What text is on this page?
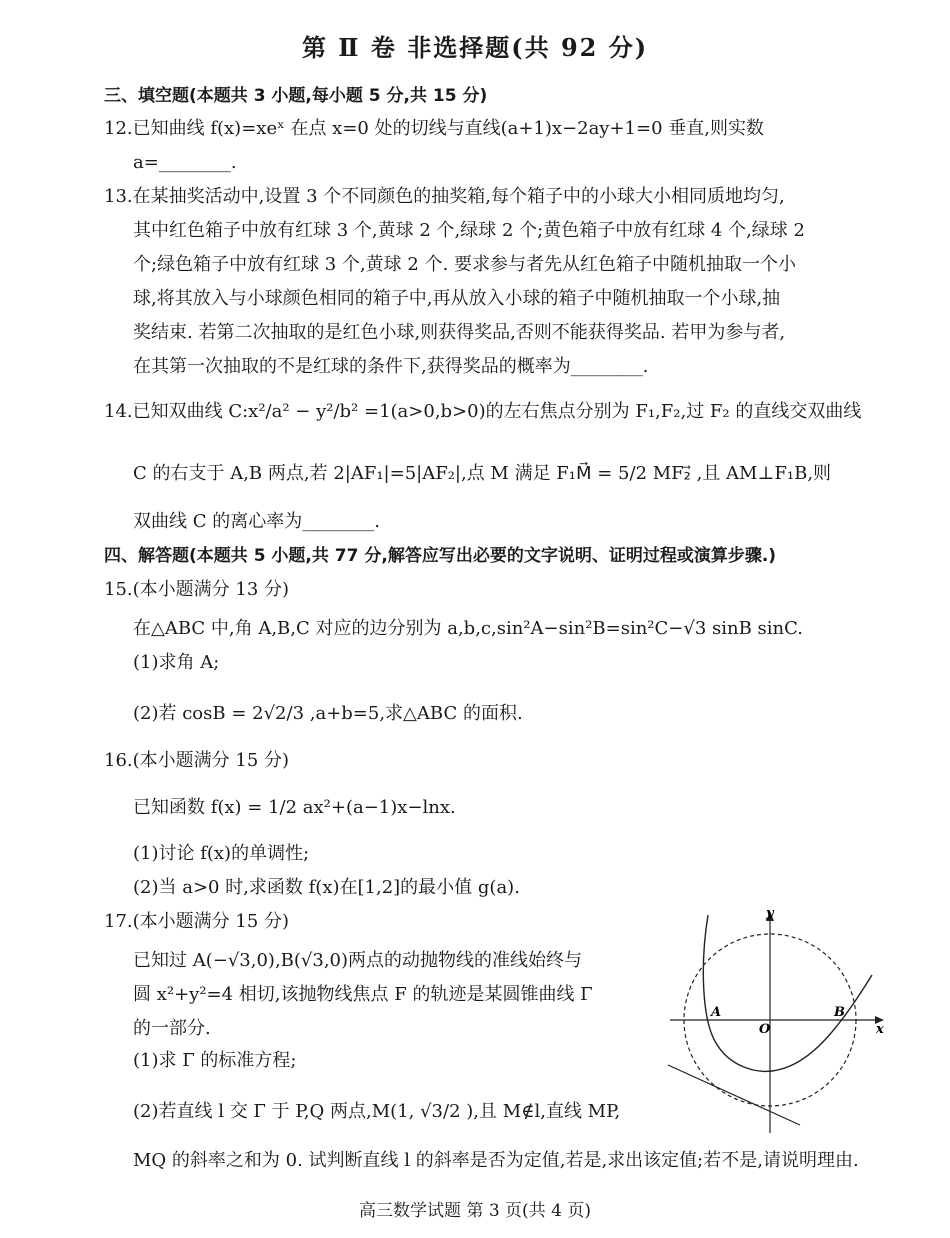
第 Ⅱ 卷 非选择题(共 92 分)
三、填空题(本题共 3 小题,每小题 5 分,共 15 分)
12.已知曲线 f(x)=xeˣ 在点 x=0 处的切线与直线(a+1)x−2ay+1=0 垂直,则实数
a=________.
13.在某抽奖活动中,设置 3 个不同颜色的抽奖箱,每个箱子中的小球大小相同质地均匀,
其中红色箱子中放有红球 3 个,黄球 2 个,绿球 2 个;黄色箱子中放有红球 4 个,绿球 2
个;绿色箱子中放有红球 3 个,黄球 2 个. 要求参与者先从红色箱子中随机抽取一个小
球,将其放入与小球颜色相同的箱子中,再从放入小球的箱子中随机抽取一个小球,抽
奖结束. 若第二次抽取的是红色小球,则获得奖品,否则不能获得奖品. 若甲为参与者,
在其第一次抽取的不是红球的条件下,获得奖品的概率为________.
14.已知双曲线 C:x²/a² − y²/b² =1(a>0,b>0)的左右焦点分别为 F₁,F₂,过 F₂ 的直线交双曲线
C 的右支于 A,B 两点,若 2|AF₁|=5|AF₂|,点 M 满足 F₁M⃗ = 5/2 MF₂⃗ ,且 AM⊥F₁B,则
双曲线 C 的离心率为________.
四、解答题(本题共 5 小题,共 77 分,解答应写出必要的文字说明、证明过程或演算步骤.)
15.(本小题满分 13 分)
在△ABC 中,角 A,B,C 对应的边分别为 a,b,c,sin²A−sin²B=sin²C−√3 sinB sinC.
(1)求角 A;
(2)若 cosB = 2√2/3 ,a+b=5,求△ABC 的面积.
16.(本小题满分 15 分)
已知函数 f(x) = 1/2 ax²+(a−1)x−lnx.
(1)讨论 f(x)的单调性;
(2)当 a>0 时,求函数 f(x)在[1,2]的最小值 g(a).
17.(本小题满分 15 分)
已知过 A(−√3,0),B(√3,0)两点的动抛物线的准线始终与
圆 x²+y²=4 相切,该抛物线焦点 F 的轨迹是某圆锥曲线 Γ
的一部分.
(1)求 Γ 的标准方程;
(2)若直线 l 交 Γ 于 P,Q 两点,M(1, √3/2 ),且 M∉l,直线 MP,
MQ 的斜率之和为 0. 试判断直线 l 的斜率是否为定值,若是,求出该定值;若不是,请说明理由.
y
x
A
O
B
高三数学试题 第 3 页(共 4 页)
